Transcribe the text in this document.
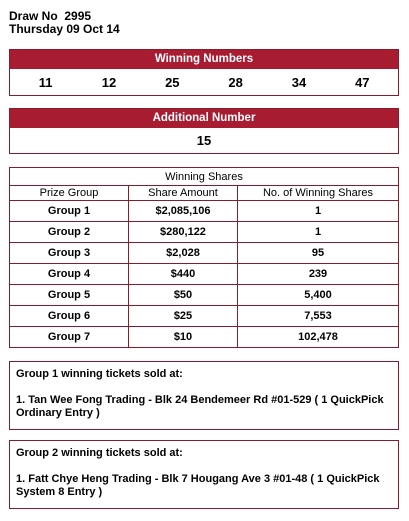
Draw No  2995
Thursday 09 Oct 14
Winning Numbers
11	12	25	28	34	47
Additional Number
15
Winning Shares		
Prize Group	Share Amount	No. of Winning Shares
Group 1	$2,085,106	1
Group 2	$280,122	1
Group 3	$2,028	95
Group 4	$440	239
Group 5	$50	5,400
Group 6	$25	7,553
Group 7	$10	102,478
Group 1 winning tickets sold at:
1. Tan Wee Fong Trading - Blk 24 Bendemeer Rd #01-529 ( 1 QuickPick Ordinary Entry )
Group 2 winning tickets sold at:
1. Fatt Chye Heng Trading - Blk 7 Hougang Ave 3 #01-48 ( 1 QuickPick System 8 Entry )
